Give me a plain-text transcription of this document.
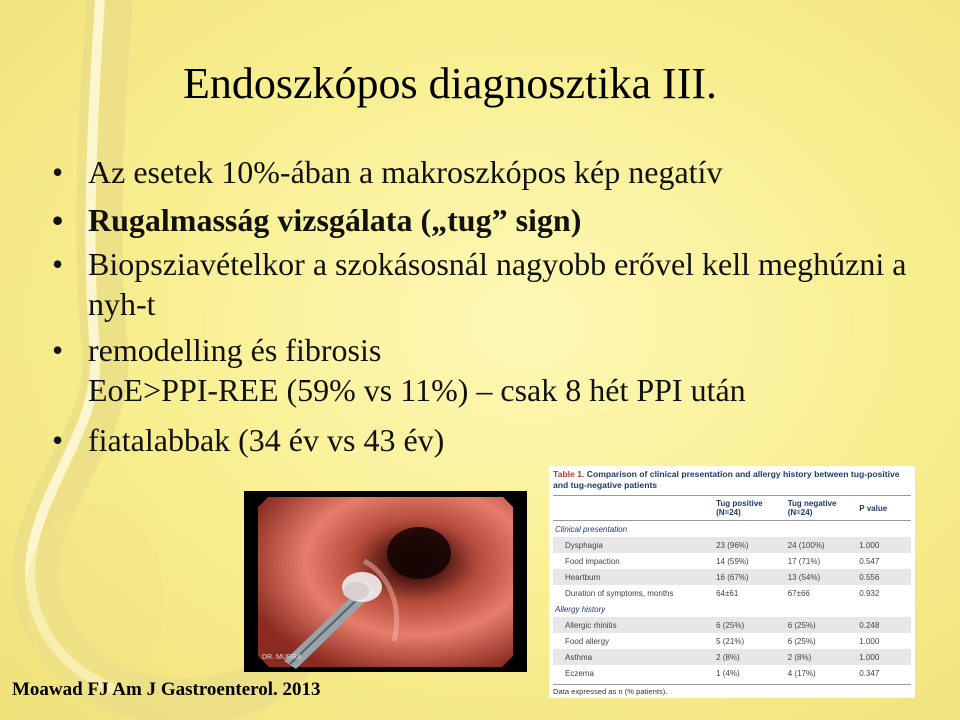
Endoszkópos diagnosztika III.
• Az esetek 10%-ában a makroszkópos kép negatív
• Rugalmasság vizsgálata („tug” sign)
• Biopsziavételkor a szokásosnál nagyobb erővel kell meghúzni a nyh-t
• remodelling és fibrosis
EoE>PPI-REE (59% vs 11%) – csak 8 hét PPI után
• fiatalabbak (34 év vs 43 év)
DR. MURRA
Moawad FJ Am J Gastroenterol. 2013
Table 1. Comparison of clinical presentation and allergy history between tug-positive and tug-negative patients
	Tug positive (N=24)	Tug negative (N=24)	P value
Clinical presentation			
Dysphagia	23 (96%)	24 (100%)	1.000
Food impaction	14 (59%)	17 (71%)	0.547
Heartburn	16 (67%)	13 (54%)	0.556
Duration of symptoms, months	64±61	67±66	0.932
Allergy history			
Allergic rhinitis	6 (25%)	6 (25%)	0.248
Food allergy	5 (21%)	6 (25%)	1.000
Asthma	2 (8%)	2 (8%)	1.000
Eczema	1 (4%)	4 (17%)	0.347
Data expressed as n (% patients).
